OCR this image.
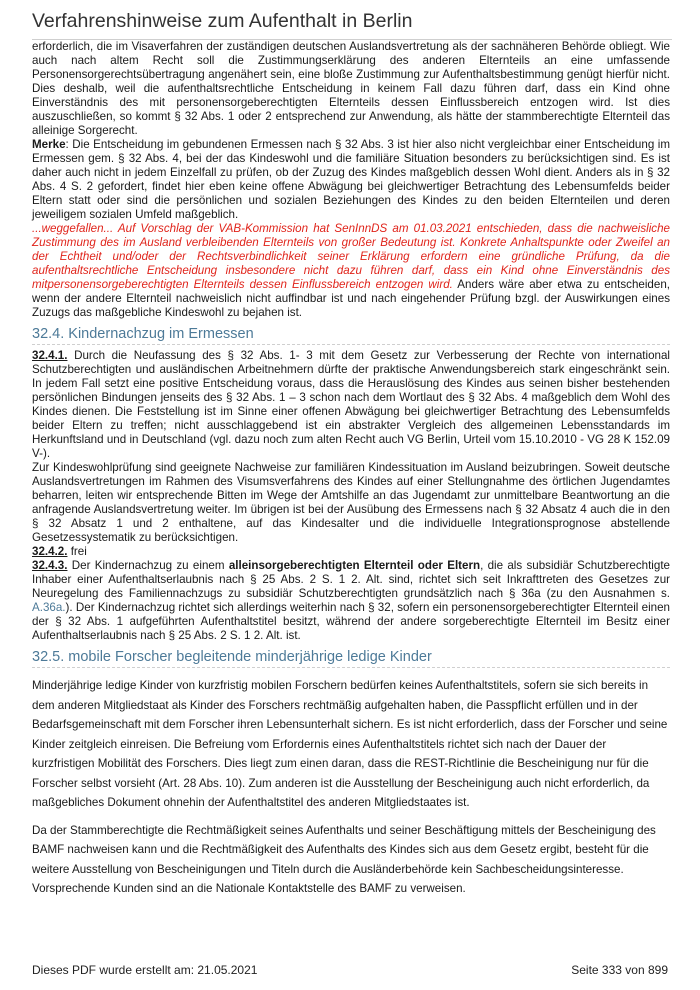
Verfahrenshinweise zum Aufenthalt in Berlin

erforderlich, die im Visaverfahren der zuständigen deutschen Auslandsvertretung als der sachnäheren Behörde obliegt. Wie auch nach altem Recht soll die Zustimmungserklärung des anderen Elternteils an eine umfassende Personensorgerechtsübertragung angenähert sein, eine bloße Zustimmung zur Aufenthaltsbestimmung genügt hierfür nicht. Dies deshalb, weil die aufenthaltsrechtliche Entscheidung in keinem Fall dazu führen darf, dass ein Kind ohne Einverständnis des mit personensorgeberechtigten Elternteils dessen Einflussbereich entzogen wird. Ist dies auszuschließen, so kommt § 32 Abs. 1 oder 2 entsprechend zur Anwendung, als hätte der stammberechtigte Elternteil das alleinige Sorgerecht.

Merke: Die Entscheidung im gebundenen Ermessen nach § 32 Abs. 3 ist hier also nicht vergleichbar einer Entscheidung im Ermessen gem. § 32 Abs. 4, bei der das Kindeswohl und die familiäre Situation besonders zu berücksichtigen sind. Es ist daher auch nicht in jedem Einzelfall zu prüfen, ob der Zuzug des Kindes maßgeblich dessen Wohl dient. Anders als in § 32 Abs. 4 S. 2 gefordert, findet hier eben keine offene Abwägung bei gleichwertiger Betrachtung des Lebensumfelds beider Eltern statt oder sind die persönlichen und sozialen Beziehungen des Kindes zu den beiden Elternteilen und deren jeweiligem sozialen Umfeld maßgeblich.

...weggefallen... Auf Vorschlag der VAB-Kommission hat SenInnDS am 01.03.2021 entschieden, dass die nachweisliche Zustimmung des im Ausland verbleibenden Elternteils von großer Bedeutung ist. Konkrete Anhaltspunkte oder Zweifel an der Echtheit und/oder der Rechtsverbindlichkeit seiner Erklärung erfordern eine gründliche Prüfung, da die aufenthaltsrechtliche Entscheidung insbesondere nicht dazu führen darf, dass ein Kind ohne Einverständnis des mitpersonensorgeberechtigten Elternteils dessen Einflussbereich entzogen wird. Anders wäre aber etwa zu entscheiden, wenn der andere Elternteil nachweislich nicht auffindbar ist und nach eingehender Prüfung bzgl. der Auswirkungen eines Zuzugs das maßgebliche Kindeswohl zu bejahen ist.

32.4. Kindernachzug im Ermessen

32.4.1. Durch die Neufassung des § 32 Abs. 1- 3 mit dem Gesetz zur Verbesserung der Rechte von international Schutzberechtigten und ausländischen Arbeitnehmern dürfte der praktische Anwendungsbereich stark eingeschränkt sein. In jedem Fall setzt eine positive Entscheidung voraus, dass die Herauslösung des Kindes aus seinen bisher bestehenden persönlichen Bindungen jenseits des § 32 Abs. 1 – 3 schon nach dem Wortlaut des § 32 Abs. 4 maßgeblich dem Wohl des Kindes dienen. Die Feststellung ist im Sinne einer offenen Abwägung bei gleichwertiger Betrachtung des Lebensumfelds beider Eltern zu treffen; nicht ausschlaggebend ist ein abstrakter Vergleich des allgemeinen Lebensstandards im Herkunftsland und in Deutschland (vgl. dazu noch zum alten Recht auch VG Berlin, Urteil vom 15.10.2010 - VG 28 K 152.09 V-).

Zur Kindeswohlprüfung sind geeignete Nachweise zur familiären Kindessituation im Ausland beizubringen. Soweit deutsche Auslandsvertretungen im Rahmen des Visumsverfahrens des Kindes auf einer Stellungnahme des örtlichen Jugendamtes beharren, leiten wir entsprechende Bitten im Wege der Amtshilfe an das Jugendamt zur unmittelbare Beantwortung an die anfragende Auslandsvertretung weiter. Im übrigen ist bei der Ausübung des Ermessens nach § 32 Absatz 4 auch die in den § 32 Absatz 1 und 2 enthaltene, auf das Kindesalter und die individuelle Integrationsprognose abstellende Gesetzessystematik zu berücksichtigen.

32.4.2. frei

32.4.3. Der Kindernachzug zu einem alleinsorgeberechtigten Elternteil oder Eltern, die als subsidiär Schutzberechtigte Inhaber einer Aufenthaltserlaubnis nach § 25 Abs. 2 S. 1 2. Alt. sind, richtet sich seit Inkrafttreten des Gesetzes zur Neuregelung des Familiennachzugs zu subsidiär Schutzberechtigten grundsätzlich nach § 36a (zu den Ausnahmen s. A.36a.). Der Kindernachzug richtet sich allerdings weiterhin nach § 32, sofern ein personensorgeberechtigter Elternteil einen der § 32 Abs. 1 aufgeführten Aufenthaltstitel besitzt, während der andere sorgeberechtigte Elternteil im Besitz einer Aufenthaltserlaubnis nach § 25 Abs. 2 S. 1 2. Alt. ist.

32.5. mobile Forscher begleitende minderjährige ledige Kinder

Minderjährige ledige Kinder von kurzfristig mobilen Forschern bedürfen keines Aufenthaltstitels, sofern sie sich bereits in dem anderen Mitgliedstaat als Kinder des Forschers rechtmäßig aufgehalten haben, die Passpflicht erfüllen und in der Bedarfsgemeinschaft mit dem Forscher ihren Lebensunterhalt sichern. Es ist nicht erforderlich, dass der Forscher und seine Kinder zeitgleich einreisen. Die Befreiung vom Erfordernis eines Aufenthaltstitels richtet sich nach der Dauer der kurzfristigen Mobilität des Forschers. Dies liegt zum einen daran, dass die REST-Richtlinie die Bescheinigung nur für die Forscher selbst vorsieht (Art. 28 Abs. 10). Zum anderen ist die Ausstellung der Bescheinigung auch nicht erforderlich, da maßgebliches Dokument ohnehin der Aufenthaltstitel des anderen Mitgliedstaates ist.

Da der Stammberechtigte die Rechtmäßigkeit seines Aufenthalts und seiner Beschäftigung mittels der Bescheinigung des BAMF nachweisen kann und die Rechtmäßigkeit des Aufenthalts des Kindes sich aus dem Gesetz ergibt, besteht für die weitere Ausstellung von Bescheinigungen und Titeln durch die Ausländerbehörde kein Sachbescheidungsinteresse. Vorsprechende Kunden sind an die Nationale Kontaktstelle des BAMF zu verweisen.

Dieses PDF wurde erstellt am: 21.05.2021	Seite 333 von 899
